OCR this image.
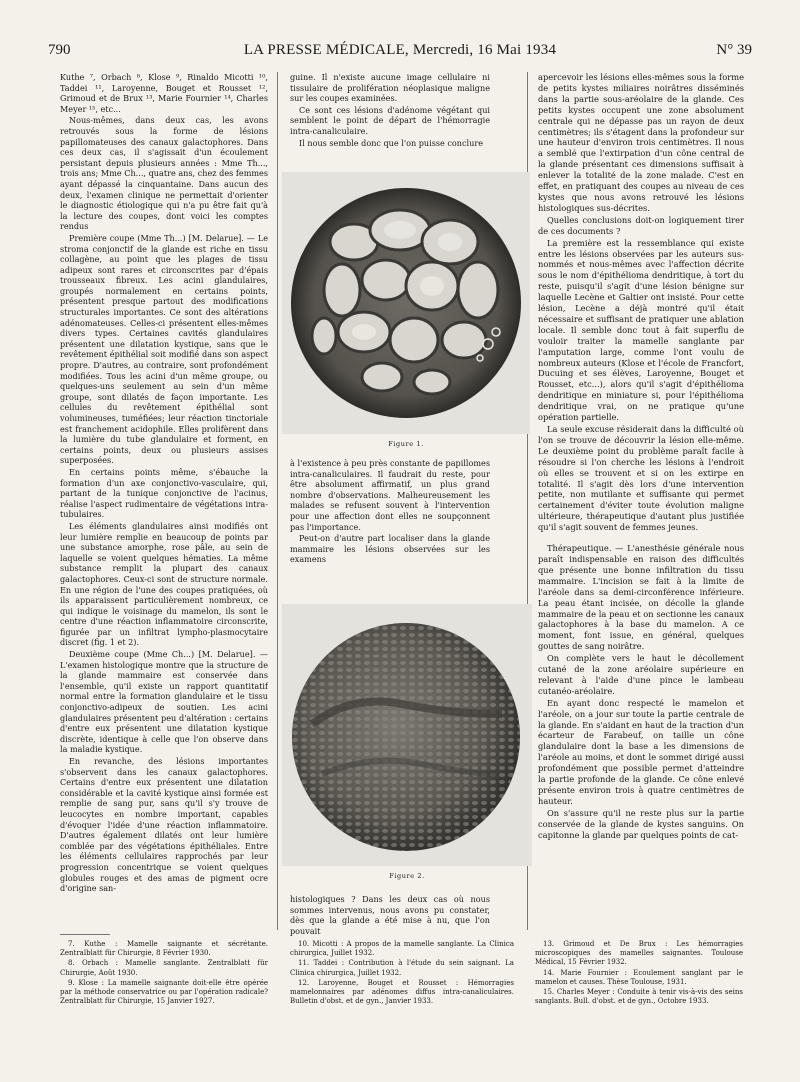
790	LA PRESSE MÉDICALE, Mercredi, 16 Mai 1934	N° 39

Kuthe ⁷, Orbach ⁸, Klose ⁹, Rinaldo Micotti ¹⁰, Taddei ¹¹, Laroyenne, Bouget et Rousset ¹², Grimoud et de Brux ¹³, Marie Fournier ¹⁴, Charles Meyer ¹⁵, etc...

Nous-mêmes, dans deux cas, les avons retrouvés sous la forme de lésions papillomateuses des canaux galactophores. Dans ces deux cas, il s'agissait d'un écoulement persistant depuis plusieurs années : Mme Th..., trois ans; Mme Ch..., quatre ans, chez des femmes ayant dépassé la cinquantaine. Dans aucun des deux, l'examen clinique ne permettait d'orienter le diagnostic étiologique qui n'a pu être fait qu'à la lecture des coupes, dont voici les comptes rendus

Première coupe (Mme Th...) [M. Delarue]. — Le stroma conjonctif de la glande est riche en tissu collagène, au point que les plages de tissu adipeux sont rares et circonscrites par d'épais trousseaux fibreux. Les acini glandulaires, groupés normalement en certains points, présentent presque partout des modifications structurales importantes. Ce sont des altérations adénomateuses. Celles-ci présentent elles-mêmes divers types. Certaines cavités glandulaires présentent une dilatation kystique, sans que le revêtement épithélial soit modifié dans son aspect propre. D'autres, au contraire, sont profondément modifiées. Tous les acini d'un même groupe, ou quelques-uns seulement au sein d'un même groupe, sont dilatés de façon importante. Les cellules du revêtement épithélial sont volumineuses, tuméfiées; leur réaction tinctoriale est franchement acidophile. Elles prolifèrent dans la lumière du tube glandulaire et forment, en certains points, deux ou plusieurs assises superposées.

En certains points même, s'ébauche la formation d'un axe conjonctivo-vasculaire, qui, partant de la tunique conjonctive de l'acinus, réalise l'aspect rudimentaire de végétations intra-tubulaires.

Les éléments glandulaires ainsi modifiés ont leur lumière remplie en beaucoup de points par une substance amorphe, rose pâle, au sein de laquelle se voient quelques hématies. La même substance remplit la plupart des canaux galactophores. Ceux-ci sont de structure normale. En une région de l'une des coupes pratiquées, où ils apparaissent particulièrement nombreux, ce qui indique le voisinage du mamelon, ils sont le centre d'une réaction inflammatoire circonscrite, figurée par un infiltrat lympho-plasmocytaire discret (fig. 1 et 2).

Deuxième coupe (Mme Ch...) [M. Delarue]. — L'examen histologique montre que la structure de la glande mammaire est conservée dans l'ensemble, qu'il existe un rapport quantitatif normal entre la formation glandulaire et le tissu conjonctivo-adipeux de soutien. Les acini glandulaires présentent peu d'altération : certains d'entre eux présentent une dilatation kystique discrète, identique à celle que l'on observe dans la maladie kystique.

En revanche, des lésions importantes s'observent dans les canaux galactophores. Certains d'entre eux présentent une dilatation considérable et la cavité kystique ainsi formée est remplie de sang pur, sans qu'il s'y trouve de leucocytes en nombre important, capables d'évoquer l'idée d'une réaction inflammatoire. D'autres également dilatés ont leur lumière comblée par des végétations épithéliales. Entre les éléments cellulaires rapprochés par leur progression concentrique se voient quelques globules rouges et des amas de pigment ocre d'origine san-

guine. Il n'existe aucune image cellulaire ni tissulaire de prolifération néoplasique maligne sur les coupes examinées.

Ce sont ces lésions d'adénome végétant qui semblent le point de départ de l'hémorragie intra-canaliculaire.

Il nous semble donc que l'on puisse conclure

Figure 1.

à l'existence à peu près constante de papillomes intra-canaliculaires. Il faudrait du reste, pour être absolument affirmatif, un plus grand nombre d'observations. Malheureusement les malades se refusent souvent à l'intervention pour une affection dont elles ne soupçonnent pas l'importance.

Peut-on d'autre part localiser dans la glande mammaire les lésions observées sur les examens

Figure 2.

histologiques ? Dans les deux cas où nous sommes intervenus, nous avons pu constater, dès que la glande a été mise à nu, que l'on pouvait

apercevoir les lésions elles-mêmes sous la forme de petits kystes miliaires noirâtres disséminés dans la partie sous-aréolaire de la glande. Ces petits kystes occupent une zone absolument centrale qui ne dépasse pas un rayon de deux centimètres; ils s'étagent dans la profondeur sur une hauteur d'environ trois centimètres. Il nous a semblé que l'extirpation d'un cône central de la glande présentant ces dimensions suffisait à enlever la totalité de la zone malade. C'est en effet, en pratiquant des coupes au niveau de ces kystes que nous avons retrouvé les lésions histologiques sus-décrites.

Quelles conclusions doit-on logiquement tirer de ces documents ?

La première est la ressemblance qui existe entre les lésions observées par les auteurs sus-nommés et nous-mêmes avec l'affection décrite sous le nom d'épithélioma dendritique, à tort du reste, puisqu'il s'agit d'une lésion bénigne sur laquelle Lecène et Galtier ont insisté. Pour cette lésion, Lecène a déjà montré qu'il était nécessaire et suffisant de pratiquer une ablation locale. Il semble donc tout à fait superflu de vouloir traiter la mamelle sanglante par l'amputation large, comme l'ont voulu de nombreux auteurs (Klose et l'école de Francfort, Ducuing et ses élèves, Laroyenne, Bouget et Rousset, etc...), alors qu'il s'agit d'épithélioma dendritique en miniature si, pour l'épithélioma dendritique vrai, on ne pratique qu'une opération partielle.

La seule excuse résiderait dans la difficulté où l'on se trouve de découvrir la lésion elle-même. Le deuxième point du problème paraît facile à résoudre si l'on cherche les lésions à l'endroit où elles se trouvent et si on les extirpe en totalité. Il s'agit dès lors d'une intervention petite, non mutilante et suffisante qui permet certainement d'éviter toute évolution maligne ultérieure, thérapeutique d'autant plus justifiée qu'il s'agit souvent de femmes jeunes.

Thérapeutique. — L'anesthésie générale nous paraît indispensable en raison des difficultés que présente une bonne infiltration du tissu mammaire. L'incision se fait à la limite de l'aréole dans sa demi-circonférence inférieure. La peau étant incisée, on décolle la glande mammaire de la peau et on sectionne les canaux galactophores à la base du mamelon. A ce moment, font issue, en général, quelques gouttes de sang noirâtre.

On complète vers le haut le décollement cutané de la zone aréolaire supérieure en relevant à l'aide d'une pince le lambeau cutanéo-aréolaire.

En ayant donc respecté le mamelon et l'aréole, on a jour sur toute la partie centrale de la glande. En s'aidant en haut de la traction d'un écarteur de Farabeuf, on taille un cône glandulaire dont la base a les dimensions de l'aréole au moins, et dont le sommet dirigé aussi profondément que possible permet d'atteindre la partie profonde de la glande. Ce cône enlevé présente environ trois à quatre centimètres de hauteur.

On s'assure qu'il ne reste plus sur la partie conservée de la glande de kystes sanguins. On capitonne la glande par quelques points de cat-

7. Kuthe : Mamelle saignante et sécrétante. Zentralblatt für Chirurgie, 8 Février 1930.

8. Orbach : Mamelle sanglante. Zentralblatt für Chirurgie, Août 1930.

9. Klose : La mamelle saignante doit-elle être opérée par la méthode conservatrice ou par l'opération radicale? Zentralblatt für Chirurgie, 15 Janvier 1927.

10. Micotti : A propos de la mamelle sanglante. La Clinica chirurgica, Juillet 1932.

11. Taddei : Contribution à l'étude du sein saignant. La Clinica chirurgica, Juillet 1932.

12. Laroyenne, Bouget et Rousset : Hémorragies mamelonnaires par adénomes diffus intra-canaliculaires. Bulletin d'obst. et de gyn., Janvier 1933.

13. Grimoud et De Brux : Les hémorragies microscopiques des mamelles saignantes. Toulouse Médical, 15 Février 1932.

14. Marie Fournier : Ecoulement sanglant par le mamelon et causes. Thèse Toulouse, 1931.

15. Charles Meyer : Conduite à tenir vis-à-vis des seins sanglants. Bull. d'obst. et de gyn., Octobre 1933.
